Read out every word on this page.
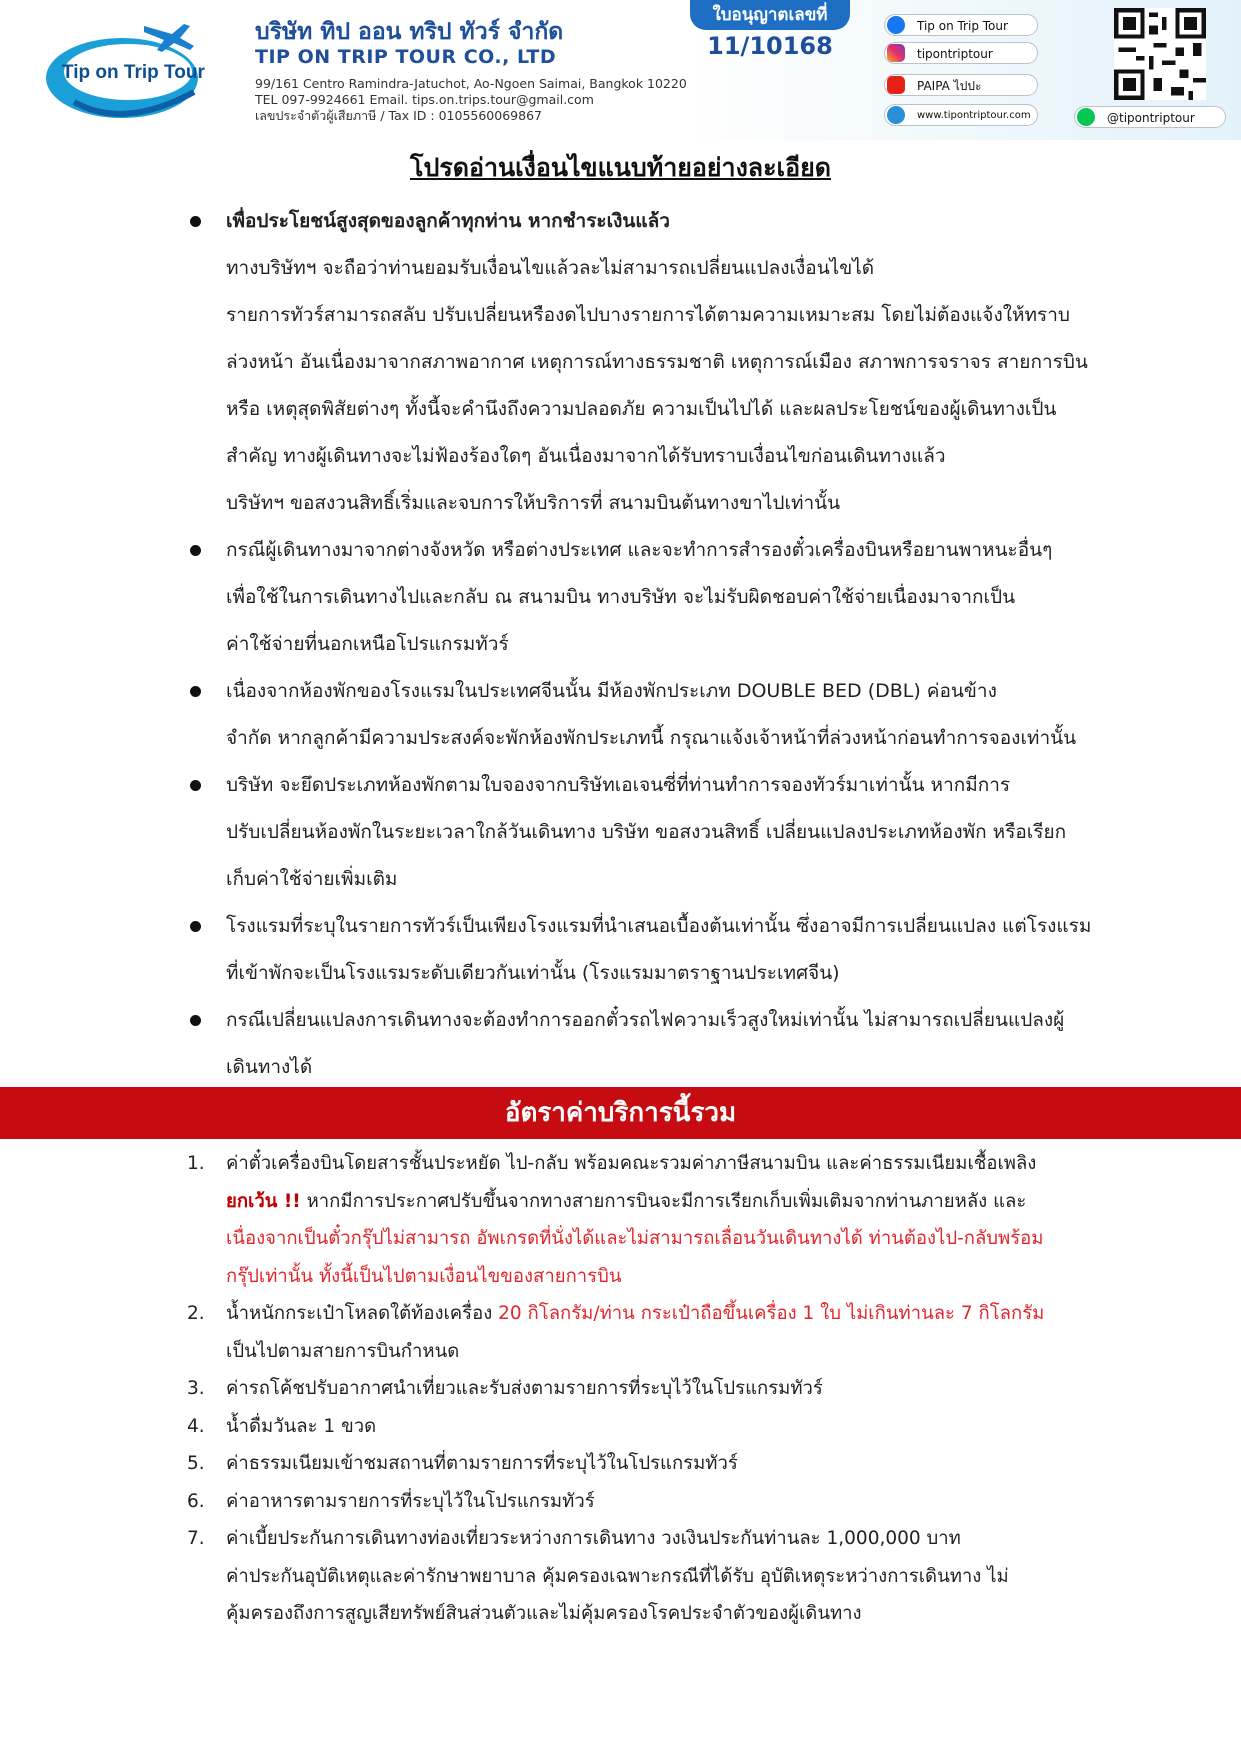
Tip on Trip Tour
บริษัท ทิป ออน ทริป ทัวร์ จำกัด
TIP ON TRIP TOUR CO., LTD
99/161 Centro Ramindra-Jatuchot, Ao-Ngoen Saimai, Bangkok 10220
TEL 097-9924661 Email. tips.on.trips.tour@gmail.com
เลขประจำตัวผู้เสียภาษี / Tax ID : 0105560069867
ใบอนุญาตเลขที่
11/10168
Tip on Trip Tour
tipontriptour
PAIPA ไปปะ
www.tipontriptour.com	@tipontriptour
โปรดอ่านเงื่อนไขแนบท้ายอย่างละเอียด
เพื่อประโยชน์สูงสุดของลูกค้าทุกท่าน หากชำระเงินแล้ว
ทางบริษัทฯ จะถือว่าท่านยอมรับเงื่อนไขแล้วละไม่สามารถเปลี่ยนแปลงเงื่อนไขได้
รายการทัวร์สามารถสลับ ปรับเปลี่ยนหรืองดไปบางรายการได้ตามความเหมาะสม โดยไม่ต้องแจ้งให้ทราบ
ล่วงหน้า อันเนื่องมาจากสภาพอากาศ เหตุการณ์ทางธรรมชาติ เหตุการณ์เมือง สภาพการจราจร สายการบิน
หรือ เหตุสุดพิสัยต่างๆ ทั้งนี้จะคำนึงถึงความปลอดภัย ความเป็นไปได้ และผลประโยชน์ของผู้เดินทางเป็น
สำคัญ ทางผู้เดินทางจะไม่ฟ้องร้องใดๆ อันเนื่องมาจากได้รับทราบเงื่อนไขก่อนเดินทางแล้ว
บริษัทฯ ขอสงวนสิทธิ์เริ่มและจบการให้บริการที่ สนามบินต้นทางขาไปเท่านั้น
กรณีผู้เดินทางมาจากต่างจังหวัด หรือต่างประเทศ และจะทำการสำรองตั๋วเครื่องบินหรือยานพาหนะอื่นๆ
เพื่อใช้ในการเดินทางไปและกลับ ณ สนามบิน ทางบริษัท จะไม่รับผิดชอบค่าใช้จ่ายเนื่องมาจากเป็น
ค่าใช้จ่ายที่นอกเหนือโปรแกรมทัวร์
เนื่องจากห้องพักของโรงแรมในประเทศจีนนั้น มีห้องพักประเภท DOUBLE BED (DBL) ค่อนข้าง
จำกัด หากลูกค้ามีความประสงค์จะพักห้องพักประเภทนี้ กรุณาแจ้งเจ้าหน้าที่ล่วงหน้าก่อนทำการจองเท่านั้น
บริษัท จะยึดประเภทห้องพักตามใบจองจากบริษัทเอเจนซี่ที่ท่านทำการจองทัวร์มาเท่านั้น หากมีการ
ปรับเปลี่ยนห้องพักในระยะเวลาใกล้วันเดินทาง บริษัท ขอสงวนสิทธิ์ เปลี่ยนแปลงประเภทห้องพัก หรือเรียก
เก็บค่าใช้จ่ายเพิ่มเติม
โรงแรมที่ระบุในรายการทัวร์เป็นเพียงโรงแรมที่นำเสนอเบื้องต้นเท่านั้น ซึ่งอาจมีการเปลี่ยนแปลง แต่โรงแรม
ที่เข้าพักจะเป็นโรงแรมระดับเดียวกันเท่านั้น (โรงแรมมาตราฐานประเทศจีน)
กรณีเปลี่ยนแปลงการเดินทางจะต้องทำการออกตั๋วรถไฟความเร็วสูงใหม่เท่านั้น ไม่สามารถเปลี่ยนแปลงผู้
เดินทางได้
อัตราค่าบริการนี้รวม
1. ค่าตั๋วเครื่องบินโดยสารชั้นประหยัด ไป-กลับ พร้อมคณะรวมค่าภาษีสนามบิน และค่าธรรมเนียมเชื้อเพลิง
ยกเว้น !! หากมีการประกาศปรับขึ้นจากทางสายการบินจะมีการเรียกเก็บเพิ่มเติมจากท่านภายหลัง และ
เนื่องจากเป็นตั๋วกรุ๊ปไม่สามารถ อัพเกรดที่นั่งได้และไม่สามารถเลื่อนวันเดินทางได้ ท่านต้องไป-กลับพร้อม
กรุ๊ปเท่านั้น ทั้งนี้เป็นไปตามเงื่อนไขของสายการบิน
2. น้ำหนักกระเป๋าโหลดใต้ท้องเครื่อง 20 กิโลกรัม/ท่าน กระเป๋าถือขึ้นเครื่อง 1 ใบ ไม่เกินท่านละ 7 กิโลกรัม
เป็นไปตามสายการบินกำหนด
3. ค่ารถโค้ชปรับอากาศนำเที่ยวและรับส่งตามรายการที่ระบุไว้ในโปรแกรมทัวร์
4. น้ำดื่มวันละ 1 ขวด
5. ค่าธรรมเนียมเข้าชมสถานที่ตามรายการที่ระบุไว้ในโปรแกรมทัวร์
6. ค่าอาหารตามรายการที่ระบุไว้ในโปรแกรมทัวร์
7. ค่าเบี้ยประกันการเดินทางท่องเที่ยวระหว่างการเดินทาง วงเงินประกันท่านละ 1,000,000 บาท
ค่าประกันอุบัติเหตุและค่ารักษาพยาบาล คุ้มครองเฉพาะกรณีที่ได้รับ อุบัติเหตุระหว่างการเดินทาง ไม่
คุ้มครองถึงการสูญเสียทรัพย์สินส่วนตัวและไม่คุ้มครองโรคประจำตัวของผู้เดินทาง
